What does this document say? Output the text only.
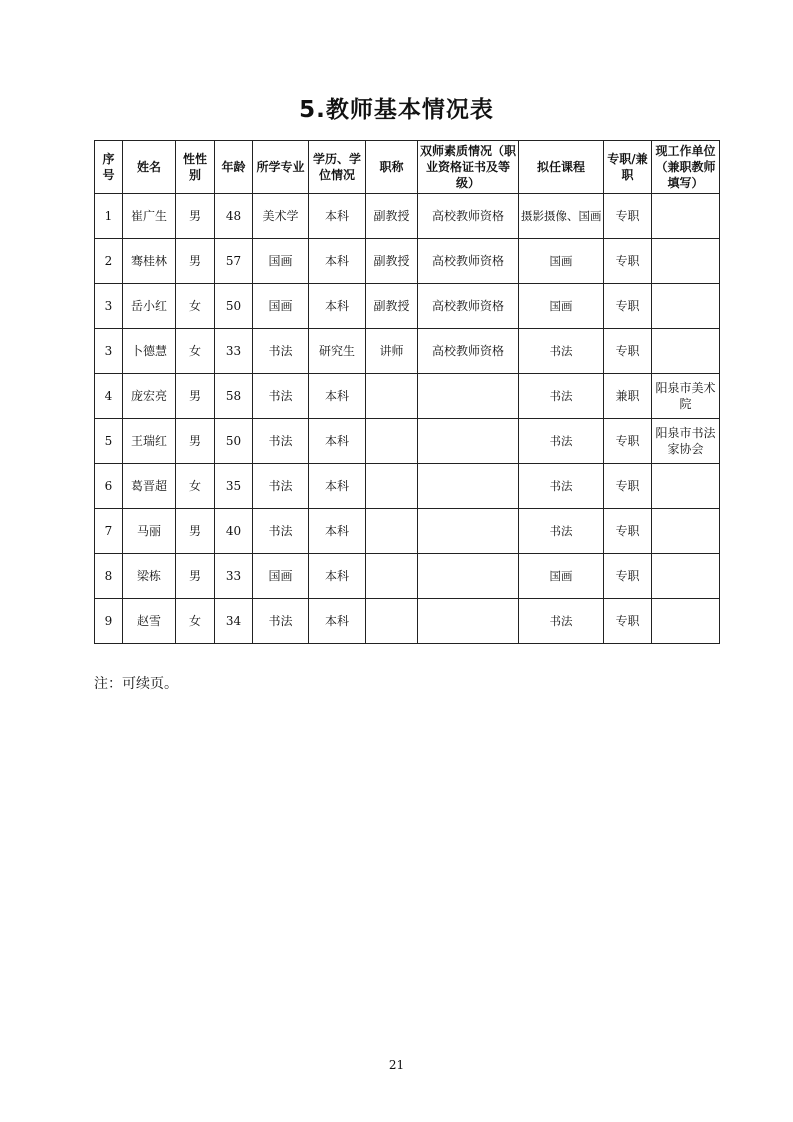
5.教师基本情况表
序号	姓名	性性别	年龄	所学专业	学历、学位情况	职称	双师素质情况（职业资格证书及等级）	拟任课程	专职/兼职	现工作单位（兼职教师填写）
1	崔广生	男	48	美术学	本科	副教授	高校教师资格	摄影摄像、国画	专职	
2	骞桂林	男	57	国画	本科	副教授	高校教师资格	国画	专职	
3	岳小红	女	50	国画	本科	副教授	高校教师资格	国画	专职	
3	卜德慧	女	33	书法	研究生	讲师	高校教师资格	书法	专职	
4	庞宏亮	男	58	书法	本科			书法	兼职	阳泉市美术院
5	王瑞红	男	50	书法	本科			书法	专职	阳泉市书法家协会
6	葛晋超	女	35	书法	本科			书法	专职	
7	马丽	男	40	书法	本科			书法	专职	
8	梁栋	男	33	国画	本科			国画	专职	
9	赵雪	女	34	书法	本科			书法	专职	
注：可续页。
21
